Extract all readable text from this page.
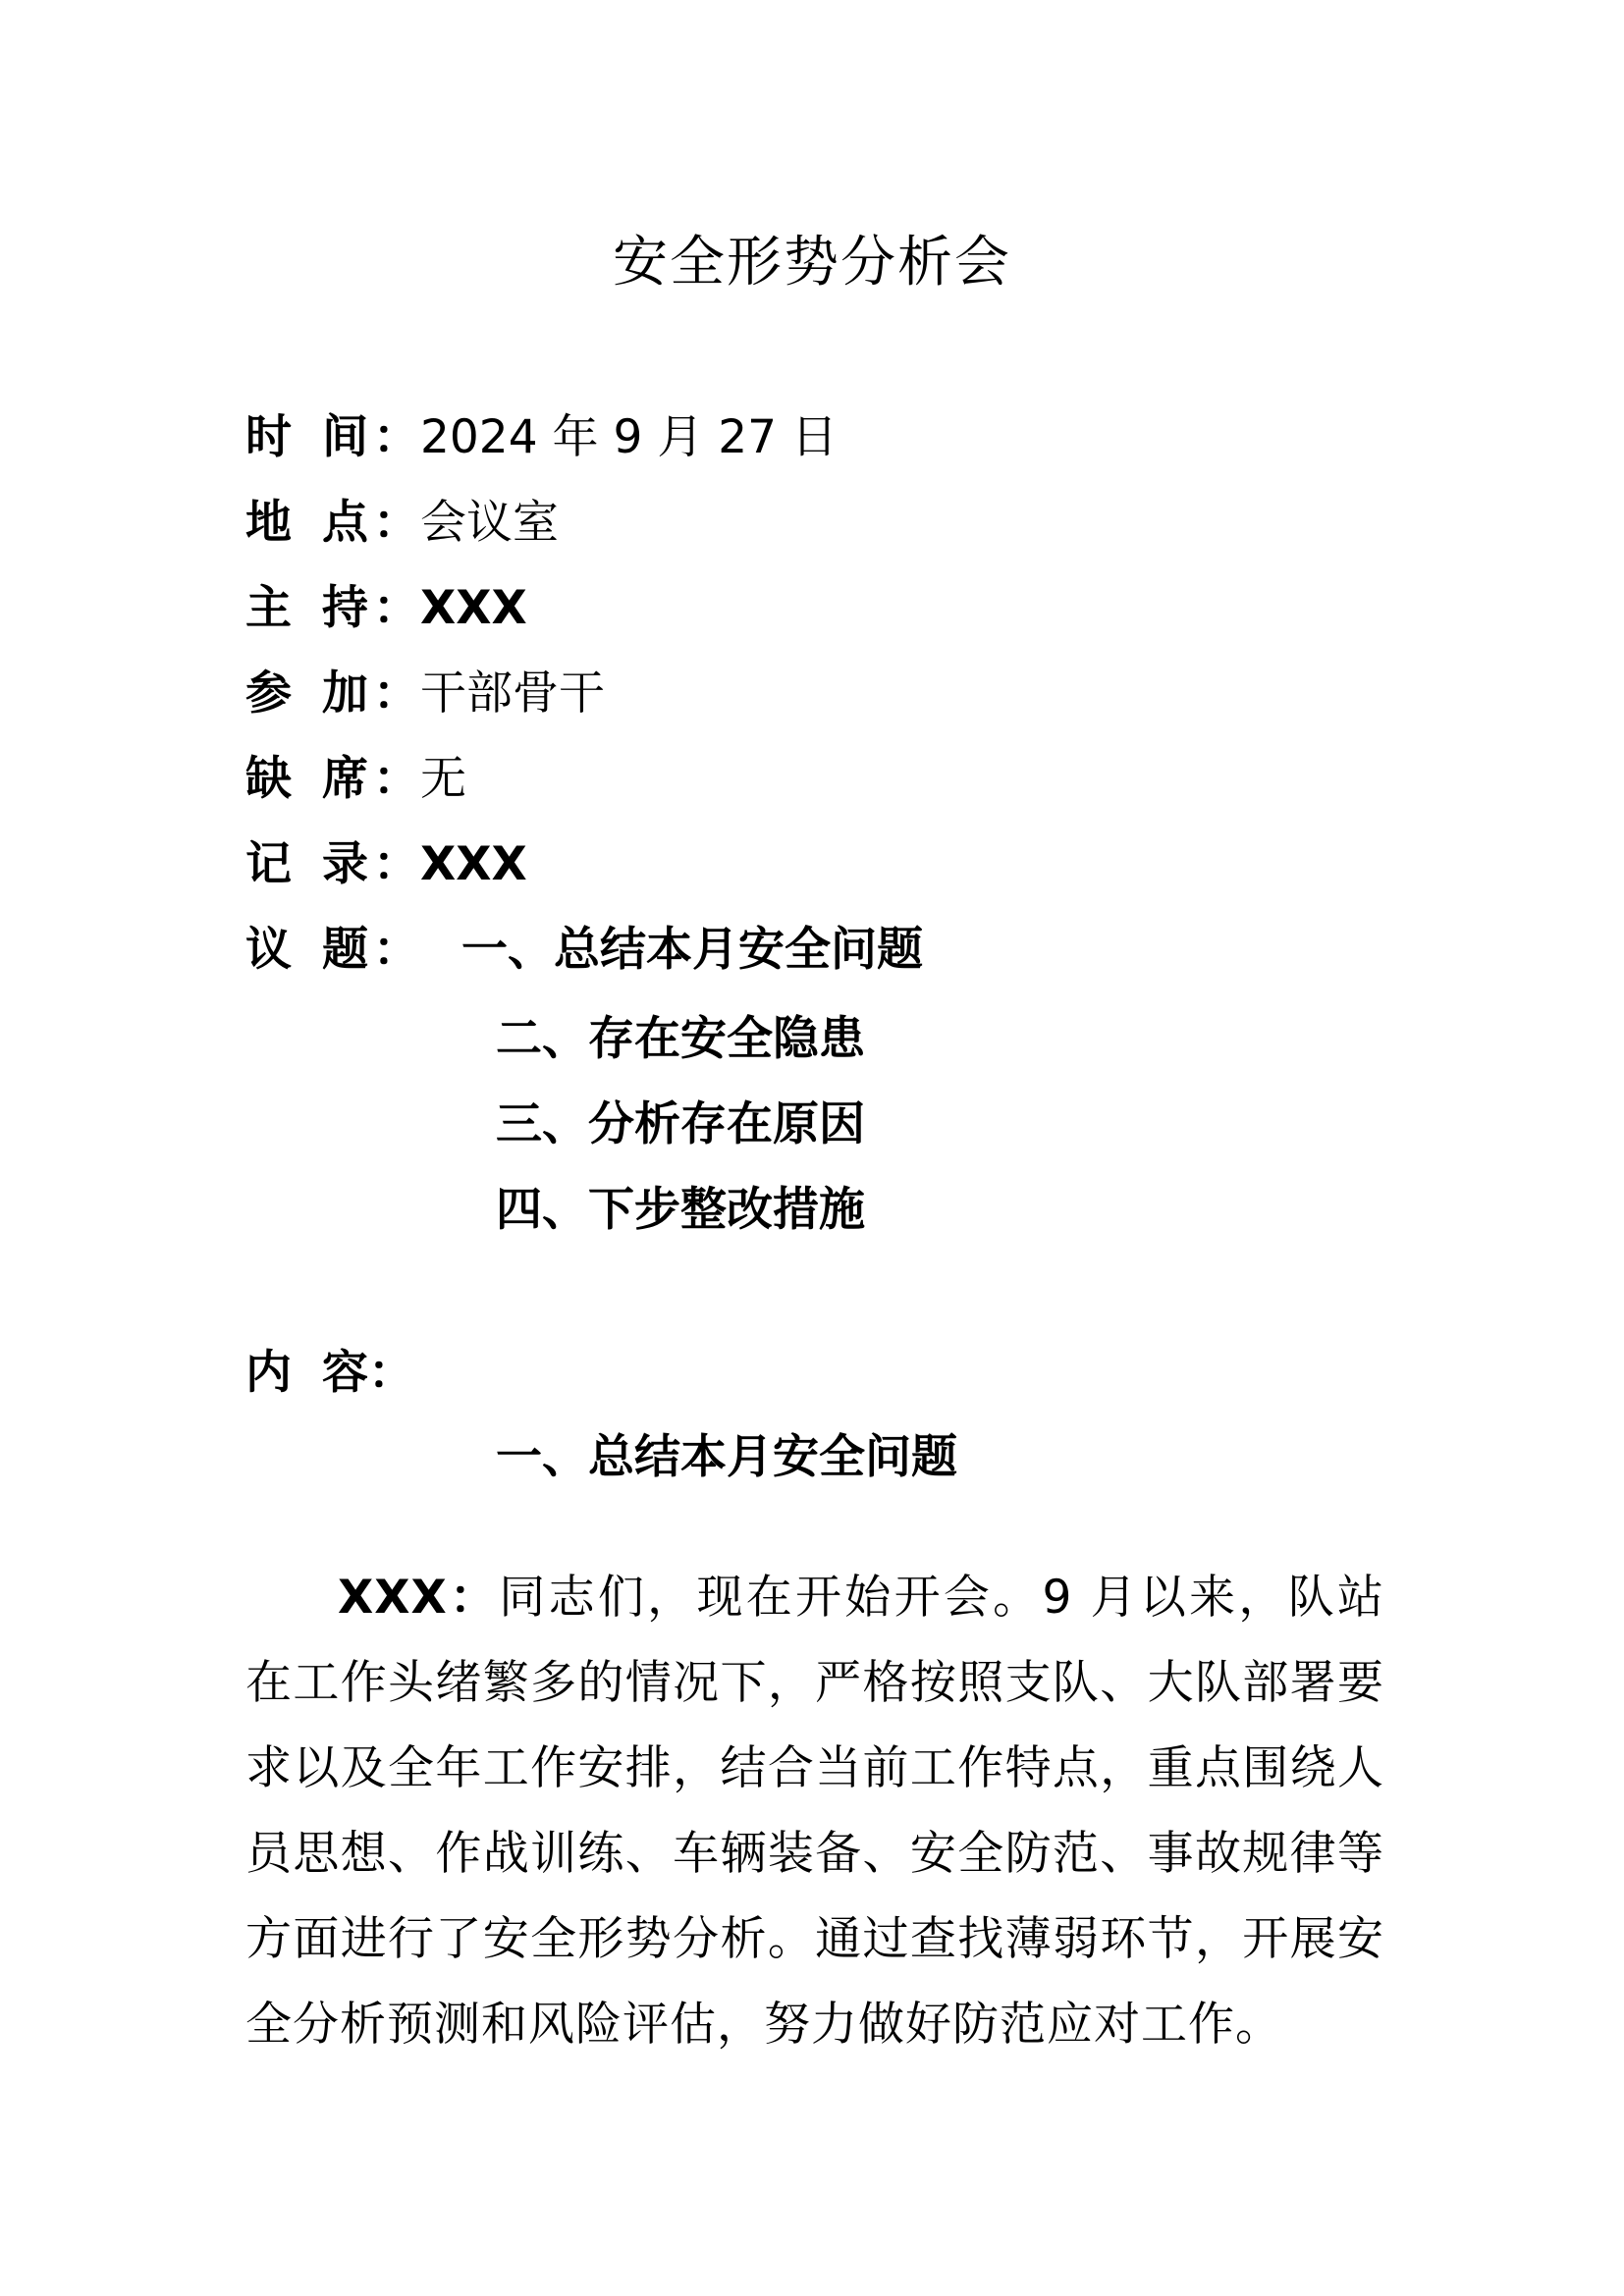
安全形势分析会
时 间 ： 2024 年 9 月 27 日
地 点 ： 会议室
主 持 ： XXX
参 加 ： 干部骨干
缺 席 ： 无
记 录 ： XXX
议 题 ： 一、总结本月安全问题
二、存在安全隐患
三、分析存在原因
四、下步整改措施
内 容：
一、总结本月安全问题

XXX：同志们，现在开始开会。9 月以来，队站在工作头绪繁多的情况下，严格按照支队、大队部署要求以及全年工作安排，结合当前工作特点，重点围绕人员思想、作战训练、车辆装备、安全防范、事故规律等方面进行了安全形势分析。通过查找薄弱环节，开展安全分析预测和风险评估，努力做好防范应对工作。
